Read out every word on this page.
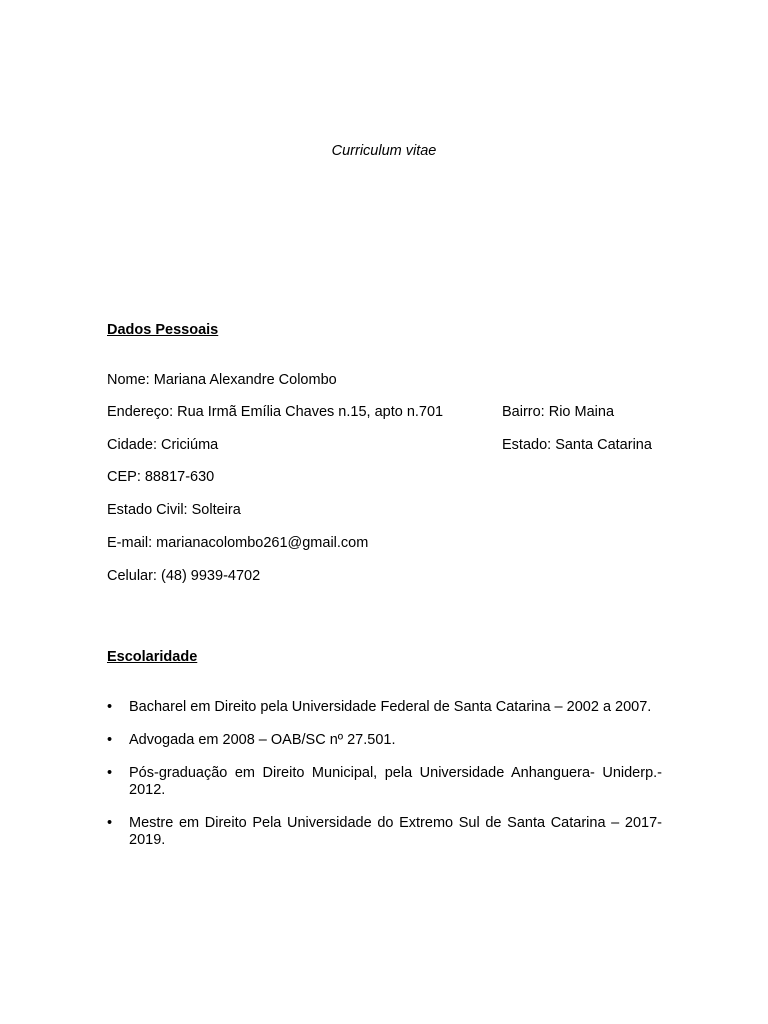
Curriculum vitae
Dados Pessoais
Nome: Mariana Alexandre Colombo
Endereço: Rua Irmã Emília Chaves n.15, apto n.701	Bairro: Rio Maina
Cidade: Criciúma	Estado: Santa Catarina
CEP: 88817-630
Estado Civil: Solteira
E-mail: marianacolombo261@gmail.com
Celular: (48) 9939-4702
Escolaridade
• Bacharel em Direito pela Universidade Federal de Santa Catarina – 2002 a 2007.
• Advogada em 2008 – OAB/SC nº 27.501.
• Pós-graduação em Direito Municipal, pela Universidade Anhanguera- Uniderp.- 2012.
• Mestre em Direito Pela Universidade do Extremo Sul de Santa Catarina – 2017-2019.
